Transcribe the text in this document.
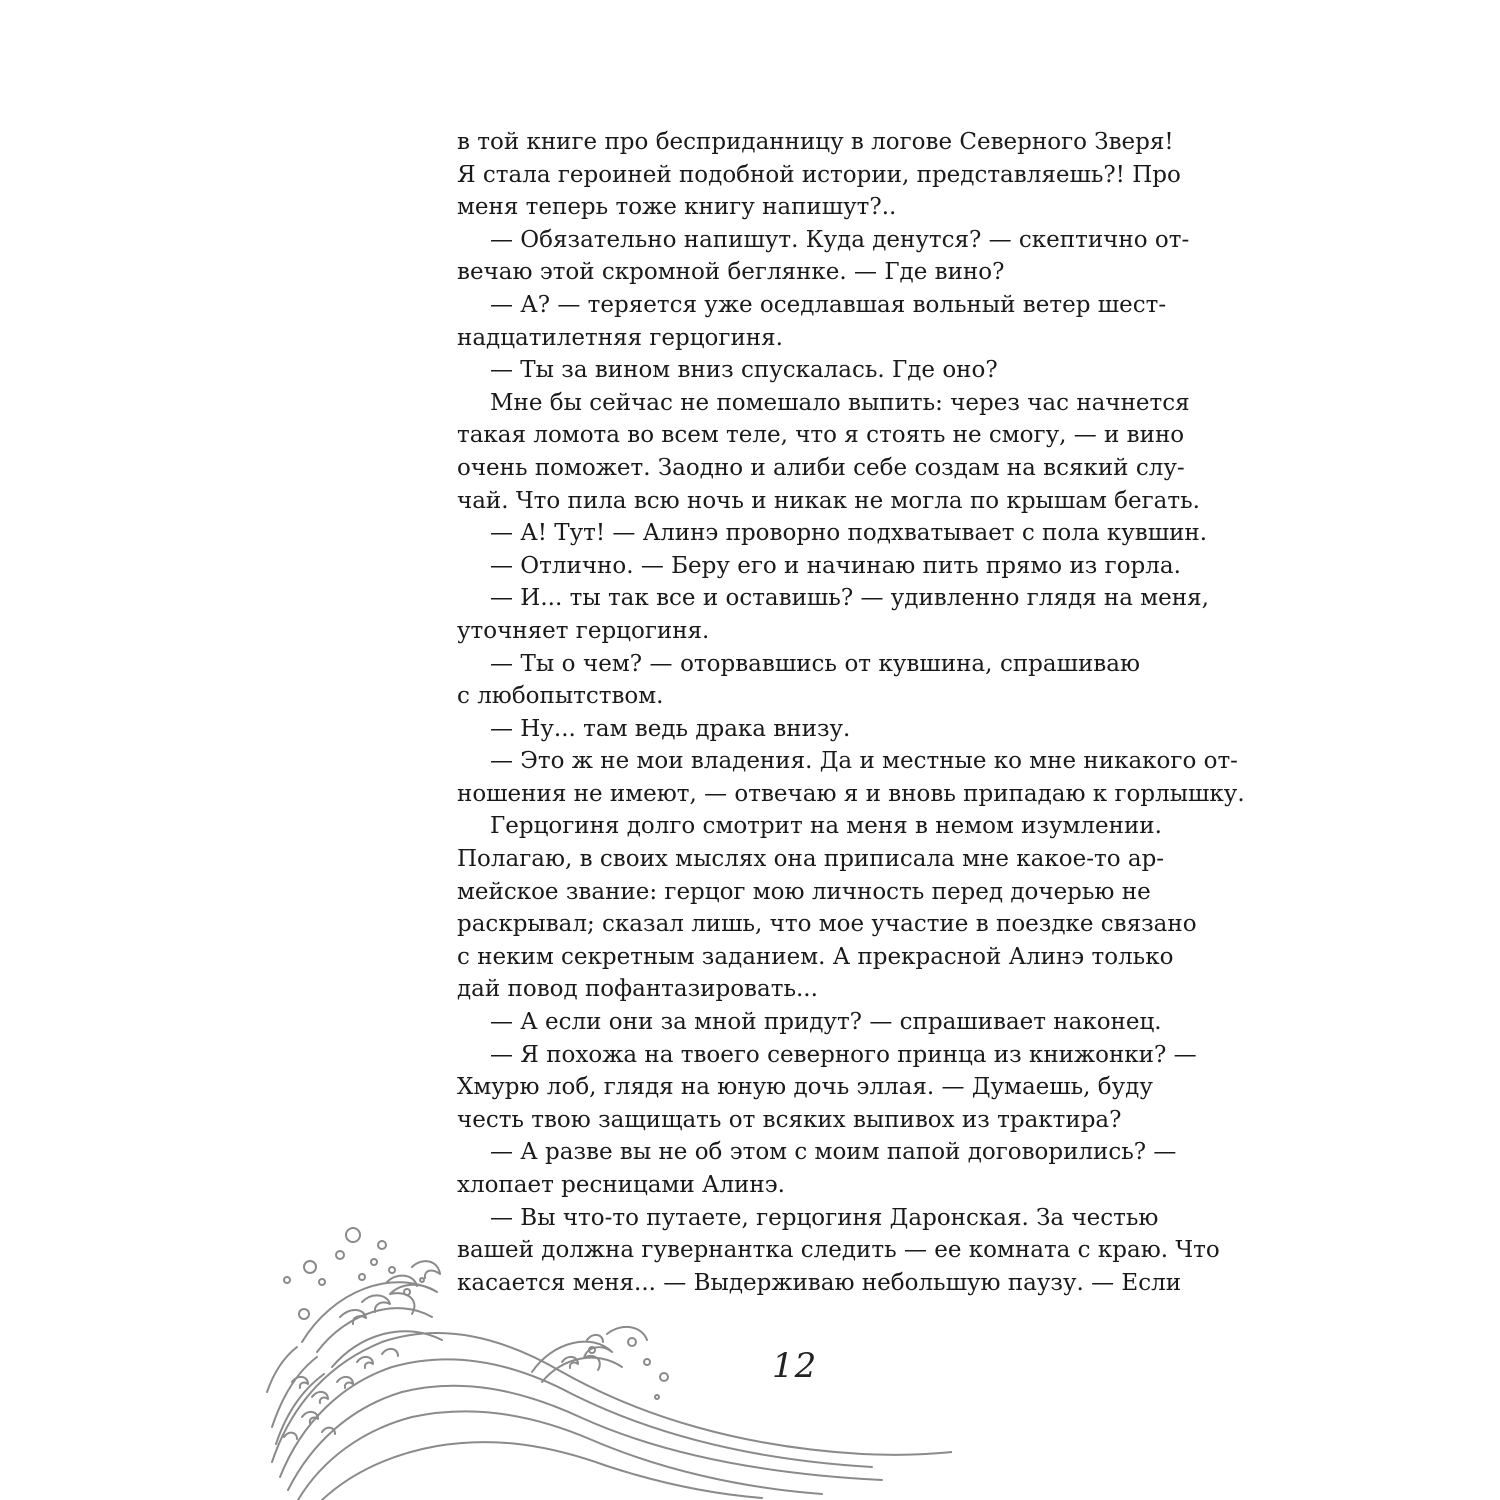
в той книге про бесприданницу в логове Северного Зверя!
Я стала героиней подобной истории, представляешь?! Про
меня теперь тоже книгу напишут?..
— Обязательно напишут. Куда денутся? — скептично от-
вечаю этой скромной беглянке. — Где вино?
— А? — теряется уже оседлавшая вольный ветер шест-
надцатилетняя герцогиня.
— Ты за вином вниз спускалась. Где оно?
Мне бы сейчас не помешало выпить: через час начнется
такая ломота во всем теле, что я стоять не смогу, — и вино
очень поможет. Заодно и алиби себе создам на всякий слу-
чай. Что пила всю ночь и никак не могла по крышам бегать.
— А! Тут! — Алинэ проворно подхватывает с пола кувшин.
— Отлично. — Беру его и начинаю пить прямо из горла.
— И... ты так все и оставишь? — удивленно глядя на меня,
уточняет герцогиня.
— Ты о чем? — оторвавшись от кувшина, спрашиваю
с любопытством.
— Ну... там ведь драка внизу.
— Это ж не мои владения. Да и местные ко мне никакого от-
ношения не имеют, — отвечаю я и вновь припадаю к горлышку.
Герцогиня долго смотрит на меня в немом изумлении.
Полагаю, в своих мыслях она приписала мне какое-то ар-
мейское звание: герцог мою личность перед дочерью не
раскрывал; сказал лишь, что мое участие в поездке связано
с неким секретным заданием. А прекрасной Алинэ только
дай повод пофантазировать...
— А если они за мной придут? — спрашивает наконец.
— Я похожа на твоего северного принца из книжонки? —
Хмурю лоб, глядя на юную дочь эллая. — Думаешь, буду
честь твою защищать от всяких выпивох из трактира?
— А разве вы не об этом с моим папой договорились? —
хлопает ресницами Алинэ.
— Вы что-то путаете, герцогиня Даронская. За честью
вашей должна гувернантка следить — ее комната с краю. Что
касается меня... — Выдерживаю небольшую паузу. — Если
12
